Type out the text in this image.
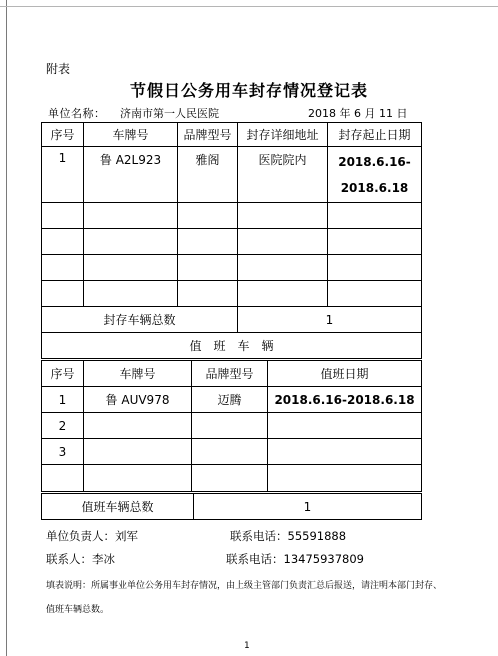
附表
节假日公务用车封存情况登记表
单位名称： 济南市第一人民医院	2018 年 6 月 11 日
序号	车牌号	品牌型号	封存详细地址	封存起止日期
1	鲁 A2L923	雅阁	医院院内	2018.6.16-
2018.6.18

封存车辆总数			1	
值　班　车　辆				
序号	车牌号	品牌型号	值班日期
1	鲁 AUV978	迈腾	2018.6.16-2018.6.18
2			
3			

值班车辆总数	1
单位负责人：刘军	联系电话：55591888
联系人：李冰	联系电话：13475937809
填表说明：所属事业单位公务用车封存情况，由上级主管部门负责汇总后报送，请注明本部门封存、值班车辆总数。
1
